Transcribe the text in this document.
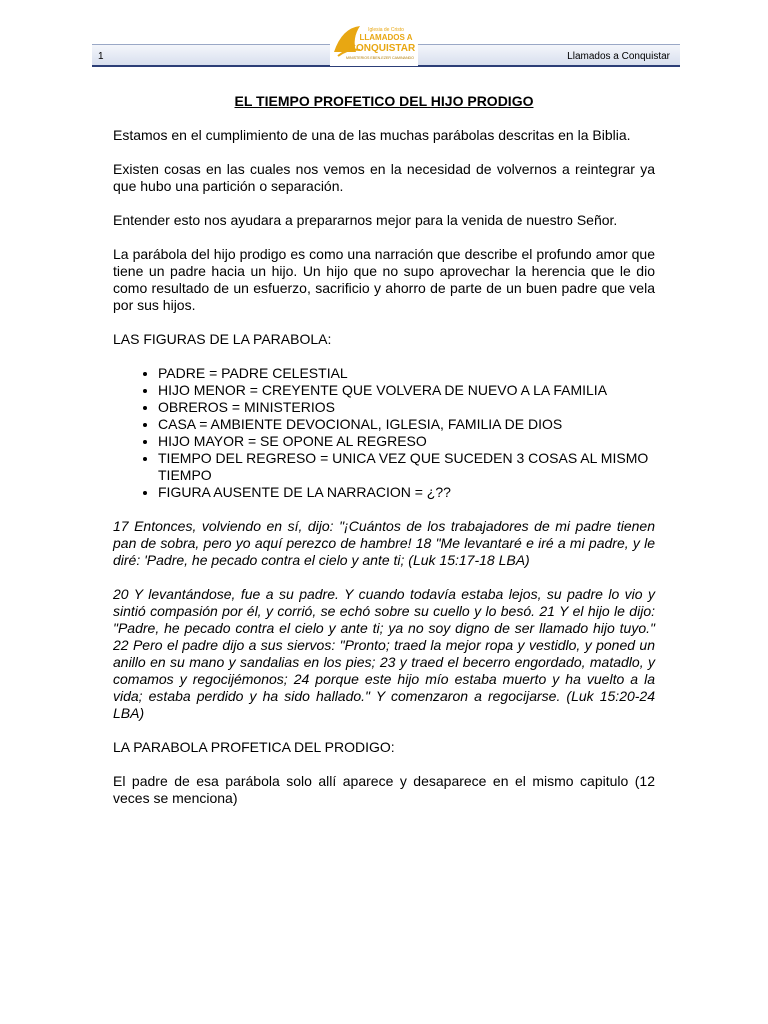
1	Llamados a Conquistar
Iglesia de Cristo
LLAMADOS A
CONQUISTAR
MINISTERIOS EBEN-EZER CAMINANDO
EL TIEMPO PROFETICO DEL HIJO PRODIGO

Estamos en el cumplimiento de una de las muchas parábolas descritas en la Biblia.

Existen cosas en las cuales nos vemos en la necesidad de volvernos a reintegrar ya que hubo una partición o separación.

Entender esto nos ayudara a prepararnos mejor para la venida de nuestro Señor.

La parábola del hijo prodigo es como una narración que describe el profundo amor que tiene un padre hacia un hijo. Un hijo que no supo aprovechar la herencia que le dio como resultado de un esfuerzo, sacrificio y ahorro de parte de un buen padre que vela por sus hijos.

LAS FIGURAS DE LA PARABOLA:

• PADRE = PADRE CELESTIAL
• HIJO MENOR = CREYENTE QUE VOLVERA DE NUEVO A LA FAMILIA
• OBREROS = MINISTERIOS
• CASA = AMBIENTE DEVOCIONAL, IGLESIA, FAMILIA DE DIOS
• HIJO MAYOR = SE OPONE AL REGRESO
• TIEMPO DEL REGRESO = UNICA VEZ QUE SUCEDEN 3 COSAS AL MISMO TIEMPO
• FIGURA AUSENTE DE LA NARRACION = ¿??

17 Entonces, volviendo en sí, dijo: "¡Cuántos de los trabajadores de mi padre tienen pan de sobra, pero yo aquí perezco de hambre! 18 "Me levantaré e iré a mi padre, y le diré: 'Padre, he pecado contra el cielo y ante ti; (Luk 15:17-18 LBA)

20 Y levantándose, fue a su padre. Y cuando todavía estaba lejos, su padre lo vio y sintió compasión por él, y corrió, se echó sobre su cuello y lo besó. 21 Y el hijo le dijo: "Padre, he pecado contra el cielo y ante ti; ya no soy digno de ser llamado hijo tuyo." 22 Pero el padre dijo a sus siervos: "Pronto; traed la mejor ropa y vestidlo, y poned un anillo en su mano y sandalias en los pies; 23 y traed el becerro engordado, matadlo, y comamos y regocijémonos; 24 porque este hijo mío estaba muerto y ha vuelto a la vida; estaba perdido y ha sido hallado." Y comenzaron a regocijarse. (Luk 15:20-24 LBA)

LA PARABOLA PROFETICA DEL PRODIGO:

El padre de esa parábola solo allí aparece y desaparece en el mismo capitulo (12 veces se menciona)
